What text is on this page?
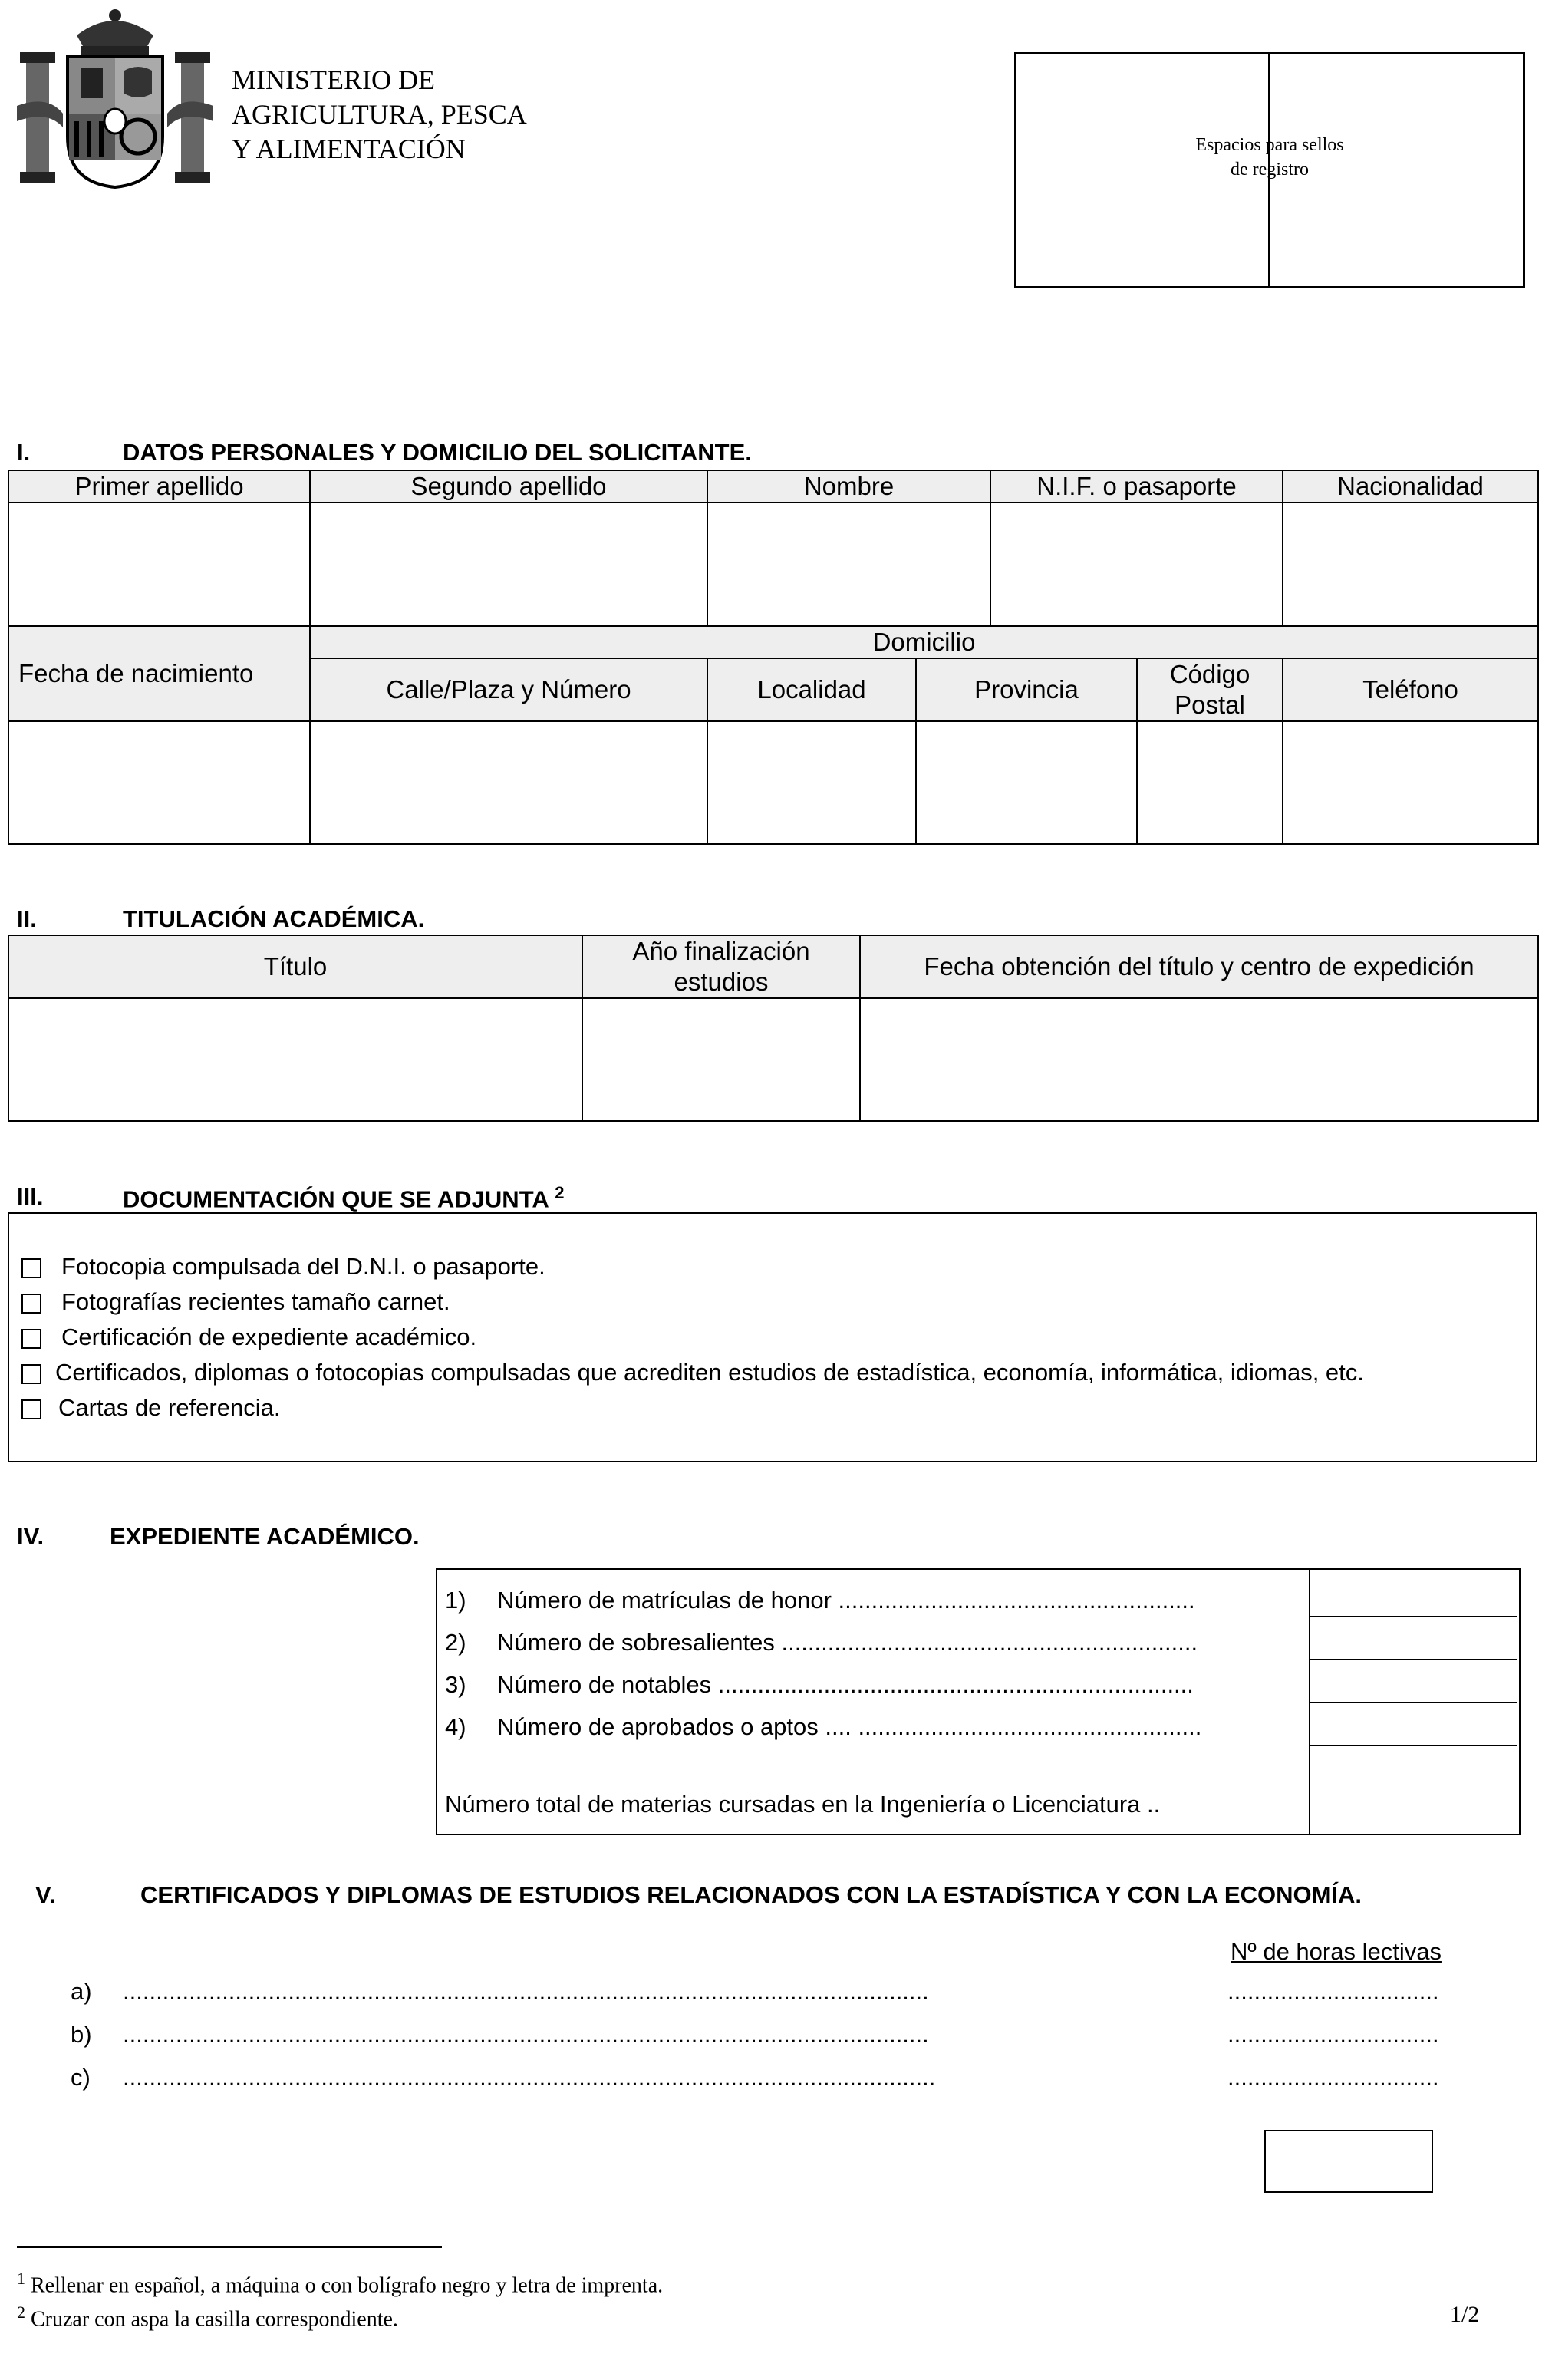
MINISTERIO DE
AGRICULTURA, PESCA
Y ALIMENTACIÓN	Espacios para sellos
de registro
I.	DATOS PERSONALES Y DOMICILIO DEL SOLICITANTE.
Primer apellido	Segundo apellido	Nombre		N.I.F. o pasaporte		Nacionalidad

Fecha de nacimiento	Domicilio					
	Calle/Plaza y Número	Localidad	Provincia		Código Postal	Teléfono

II.	TITULACIÓN ACADÉMICA.
Título	Año finalización estudios	Fecha obtención del título y centro de expedición

III.	DOCUMENTACIÓN QUE SE ADJUNTA $^2$
Fotocopia compulsada del D.N.I. o pasaporte.
Fotografías recientes tamaño carnet.
Certificación de expediente académico.
Certificados, diplomas o fotocopias compulsadas que acrediten estudios de estadística, economía, informática, idiomas, etc.
Cartas de referencia.
IV.	EXPEDIENTE ACADÉMICO.
1) Número de matrículas de honor ......................................................
2) Número de sobresalientes ...............................................................
3) Número de notables ........................................................................
4) Número de aprobados o aptos .... ....................................................
Número total de materias cursadas en la Ingeniería o Licenciatura ..
V.	CERTIFICADOS Y DIPLOMAS DE ESTUDIOS RELACIONADOS CON LA ESTADÍSTICA Y CON LA ECONOMÍA.
Nº de horas lectivas
a) ..........................................................................................................................	................................
b) ..........................................................................................................................	................................
c) ...........................................................................................................................	................................
$^1$ Rellenar en español, a máquina o con bolígrafo negro y letra de imprenta.
$^2$ Cruzar con aspa la casilla correspondiente.	1/2
